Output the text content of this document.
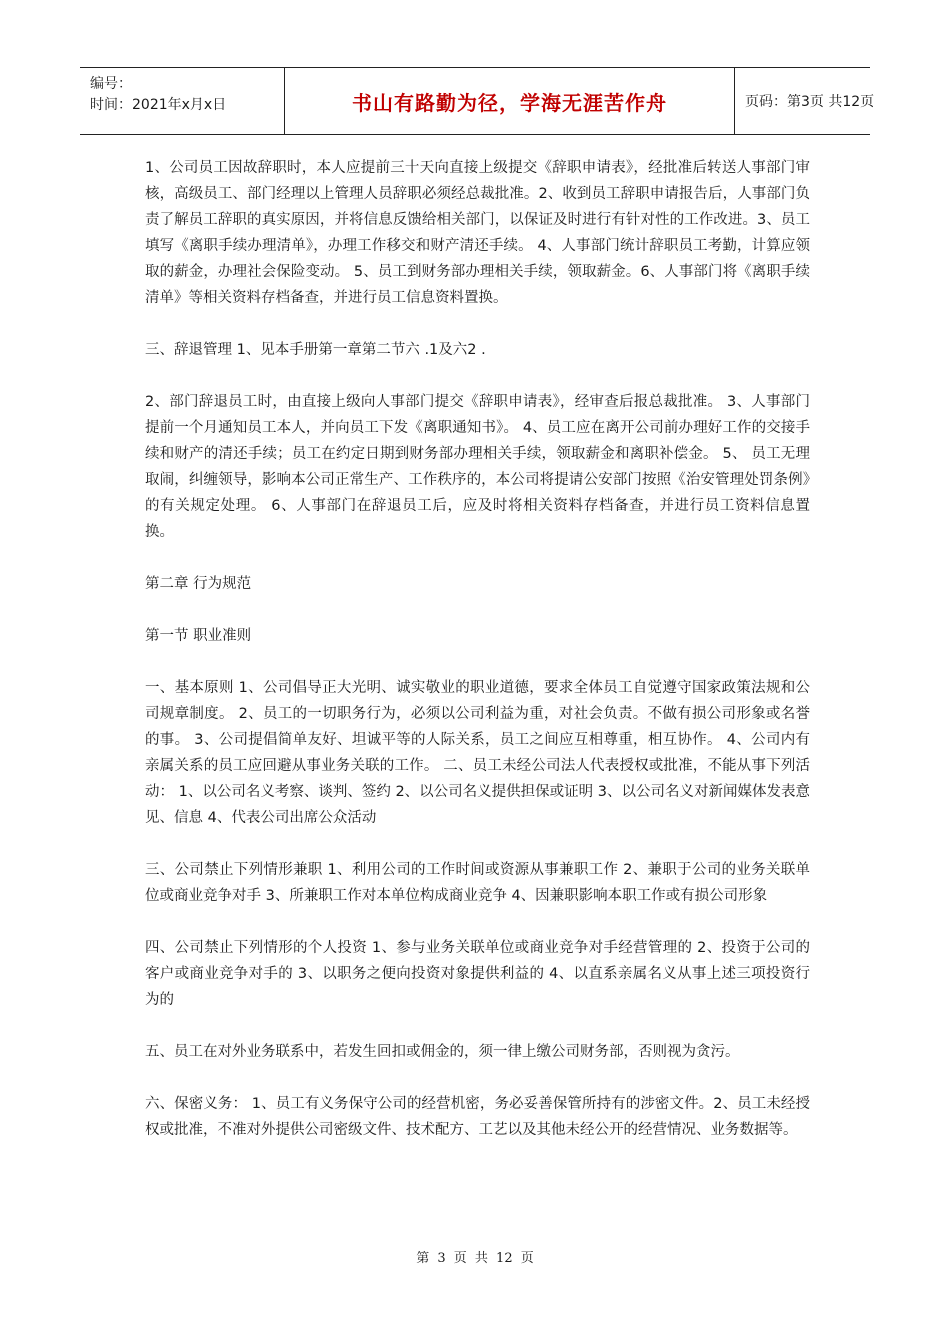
编号：
时间：2021年x月x日	书山有路勤为径，学海无涯苦作舟	页码：第3页 共12页

1、公司员工因故辞职时，本人应提前三十天向直接上级提交《辞职申请表》，经批准后转送人事部门审核，高级员工、部门经理以上管理人员辞职必须经总裁批准。2、收到员工辞职申请报告后，人事部门负责了解员工辞职的真实原因，并将信息反馈给相关部门，以保证及时进行有针对性的工作改进。3、员工填写《离职手续办理清单》，办理工作移交和财产清还手续。 4、人事部门统计辞职员工考勤，计算应领取的薪金，办理社会保险变动。 5、员工到财务部办理相关手续，领取薪金。6、人事部门将《离职手续清单》等相关资料存档备查，并进行员工信息资料置换。

三、辞退管理 1、见本手册第一章第二节六 .1及六2 .

2、部门辞退员工时，由直接上级向人事部门提交《辞职申请表》，经审查后报总裁批准。 3、人事部门提前一个月通知员工本人，并向员工下发《离职通知书》。 4、员工应在离开公司前办理好工作的交接手续和财产的清还手续；员工在约定日期到财务部办理相关手续，领取薪金和离职补偿金。 5、 员工无理取闹，纠缠领导，影响本公司正常生产、工作秩序的，本公司将提请公安部门按照《治安管理处罚条例》的有关规定处理。 6、人事部门在辞退员工后，应及时将相关资料存档备查，并进行员工资料信息置换。

第二章 行为规范

第一节 职业准则

一、基本原则 1、公司倡导正大光明、诚实敬业的职业道德，要求全体员工自觉遵守国家政策法规和公司规章制度。 2、员工的一切职务行为，必须以公司利益为重，对社会负责。不做有损公司形象或名誉的事。 3、公司提倡简单友好、坦诚平等的人际关系，员工之间应互相尊重，相互协作。 4、公司内有亲属关系的员工应回避从事业务关联的工作。 二、员工未经公司法人代表授权或批准，不能从事下列活动： 1、以公司名义考察、谈判、签约 2、以公司名义提供担保或证明 3、以公司名义对新闻媒体发表意见、信息 4、代表公司出席公众活动

三、公司禁止下列情形兼职 1、利用公司的工作时间或资源从事兼职工作 2、兼职于公司的业务关联单位或商业竞争对手 3、所兼职工作对本单位构成商业竞争 4、因兼职影响本职工作或有损公司形象

四、公司禁止下列情形的个人投资 1、参与业务关联单位或商业竞争对手经营管理的 2、投资于公司的客户或商业竞争对手的 3、以职务之便向投资对象提供利益的 4、以直系亲属名义从事上述三项投资行为的

五、员工在对外业务联系中，若发生回扣或佣金的，须一律上缴公司财务部，否则视为贪污。

六、保密义务： 1、员工有义务保守公司的经营机密，务必妥善保管所持有的涉密文件。2、员工未经授权或批准，不准对外提供公司密级文件、技术配方、工艺以及其他未经公开的经营情况、业务数据等。

第 3 页 共 12 页
